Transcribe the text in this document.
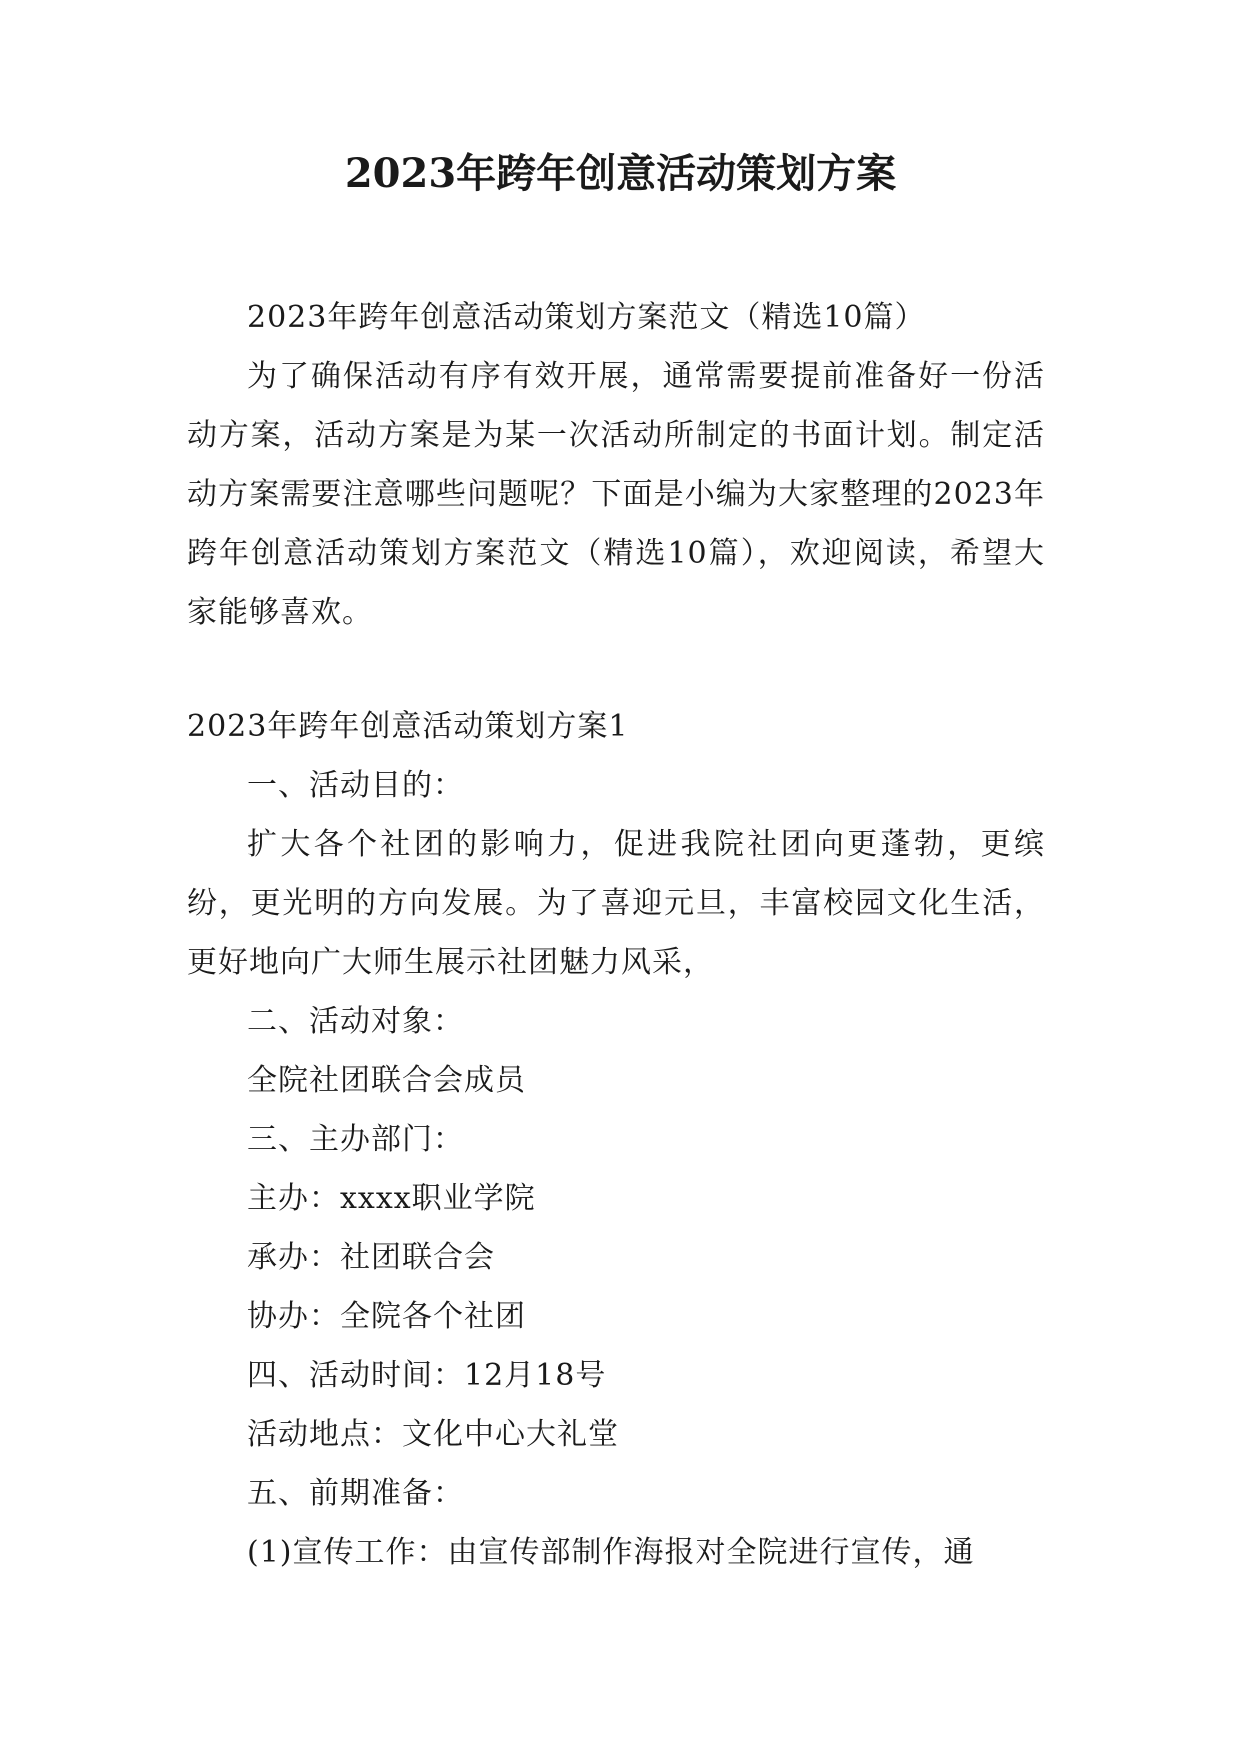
2023年跨年创意活动策划方案

2023年跨年创意活动策划方案范文（精选10篇）

为了确保活动有序有效开展，通常需要提前准备好一份活动方案，活动方案是为某一次活动所制定的书面计划。制定活动方案需要注意哪些问题呢？下面是小编为大家整理的2023年跨年创意活动策划方案范文（精选10篇），欢迎阅读，希望大家能够喜欢。

2023年跨年创意活动策划方案1

一、活动目的：

扩大各个社团的影响力，促进我院社团向更蓬勃，更缤纷，更光明的方向发展。为了喜迎元旦，丰富校园文化生活，更好地向广大师生展示社团魅力风采，

二、活动对象：

全院社团联合会成员

三、主办部门：

主办：xxxx职业学院

承办：社团联合会

协办：全院各个社团

四、活动时间：12月18号

活动地点：文化中心大礼堂

五、前期准备：

(1)宣传工作：由宣传部制作海报对全院进行宣传，通
